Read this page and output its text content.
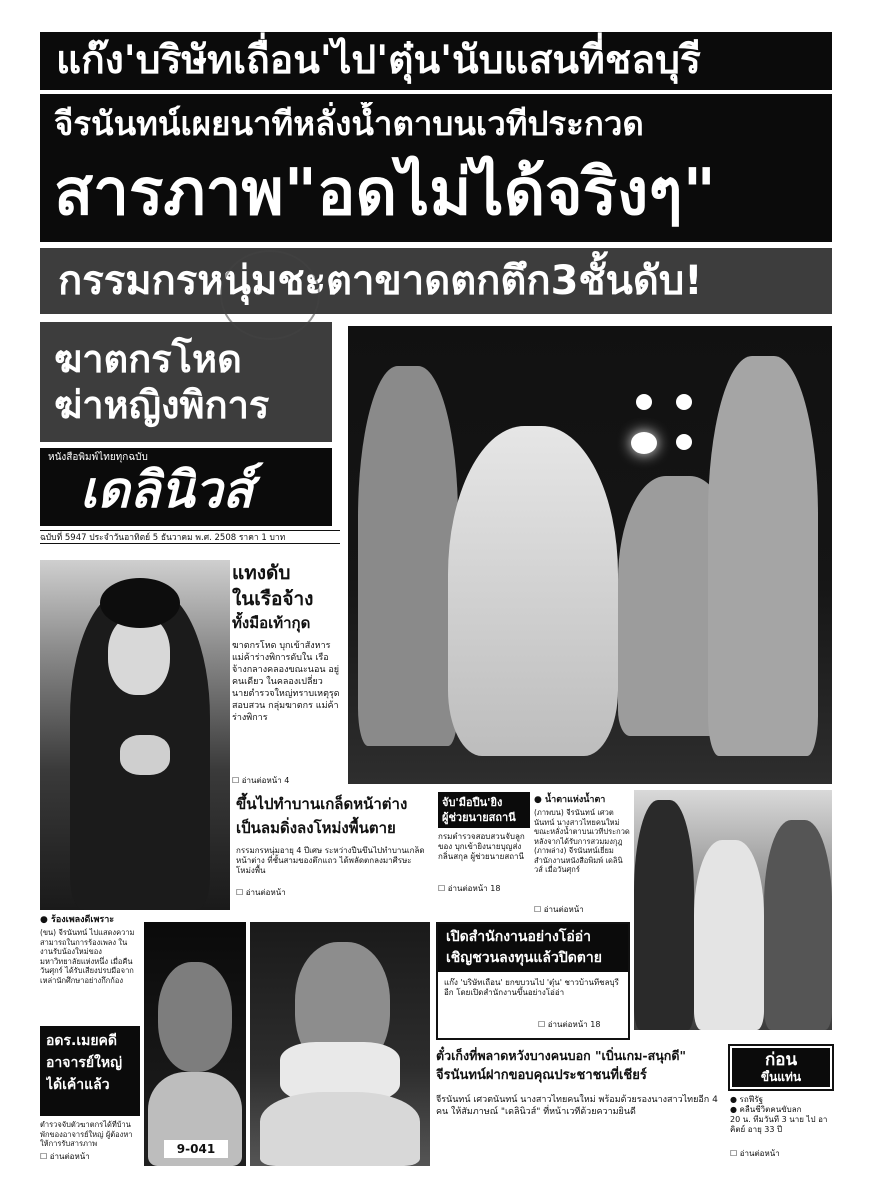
แก๊ง'บริษัทเถื่อน'ไป'ตุ๋น'นับแสนที่ชลบุรี
จีรนันทน์เผยนาทีหลั่งน้ำตาบนเวทีประกวด
สารภาพ"อดไม่ได้จริงๆ"
กรรมกรหนุ่มชะตาขาดตกตึก3ชั้นดับ!
ฆาตกรโหด
ฆ่าหญิงพิการ
หนังสือพิมพ์ไทยทุกฉบับ
เดลินิวส์
ฉบับที่ 5947 ประจำวันอาทิตย์ 5 ธันวาคม พ.ศ. 2508 ราคา 1 บาท
แทงดับ
ในเรือจ้าง
ทั้งมือเท้ากุด
ฆาตกรโหด บุกเข้าสังหารแม่ค้าร่างพิการดับใน เรือจ้างกลางคลองขณะนอน อยู่คนเดียว ในคลองเปลี่ยว นายตำรวจใหญ่ทราบเหตุรุดสอบสวน กลุ่มฆาตกร แม่ค้าร่างพิการ
☐ อ่านต่อหน้า 4
ขึ้นไปทำบานเกล็ดหน้าต่าง
เป็นลมดิ่งลงโหม่งพื้นตาย
กรรมกรหนุ่มอายุ 4 ปีเศษ ระหว่างปีนขึ้นไปทำบานเกล็ดหน้าต่าง ที่ชั้นสามของตึกแถว ได้พลัดตกลงมาศีรษะโหม่งพื้น
☐ อ่านต่อหน้า
จับ'มือปืน'ยิง
ผู้ช่วยนายสถานี
กรมตำรวจสอบสวนจับลูกของ บุกเข้ายิงนายบุญส่ง กลิ่นสกุล ผู้ช่วยนายสถานี
☐ อ่านต่อหน้า 18
● น้ำตาแห่งน้ำตา
(ภาพบน) จีรนันทน์ เศวตนันทน์ นางสาวไทยคนใหม่ ขณะหลั่งน้ำตาบนเวทีประกวดหลังจากได้รับการสวมมงกุฎ (ภาพล่าง) จีรนันทน์เยี่ยมสำนักงานหนังสือพิมพ์ เดลินิวส์ เมื่อวันศุกร์
☐ อ่านต่อหน้า
● ร้องเพลงดีเพราะ
(ขน) จีรนันทน์ ไปแสดงความสามารถในการร้องเพลง ในงานรับน้องใหม่ของมหาวิทยาลัยแห่งหนึ่ง เมื่อคืนวันศุกร์ ได้รับเสียงปรบมือจากเหล่านักศึกษาอย่างกึกก้อง
อดร.เมยคดี
อาจารย์ใหญ่
ได้เค้าแล้ว
ตำรวจจับตัวฆาตกรได้ที่บ้านพักของอาจารย์ใหญ่ ผู้ต้องหาให้การรับสารภาพ
☐ อ่านต่อหน้า
9-041
เปิดสำนักงานอย่างโอ่อ่า
เชิญชวนลงทุนแล้วปิดตาย
แก๊ง 'บริษัทเถื่อน' ยกขบวนไป 'ตุ๋น' ชาวบ้านที่ชลบุรีอีก โดยเปิดสำนักงานขึ้นอย่างโอ่อ่า
☐ อ่านต่อหน้า 18
ตั๋วเก็งที่พลาดหวังบางคนบอก "เบิ่นเกม-สนุกดี"
จีรนันทน์ฝากขอบคุณประชาชนที่เชียร์
จีรนันทน์ เศวตนันทน์ นางสาวไทยคนใหม่ พร้อมด้วยรองนางสาวไทยอีก 4 คน ให้สัมภาษณ์ "เดลินิวส์" ที่หน้าเวทีด้วยความยินดี
ก่อน
ขึ้นแท่น
● รถฟีรัฐ
● คลื่นชีวิตคนขับลก
20 น. ทีมวันที่ 3 นาย ไป อาคิตย์ อายุ 33 ปี
☐ อ่านต่อหน้า
